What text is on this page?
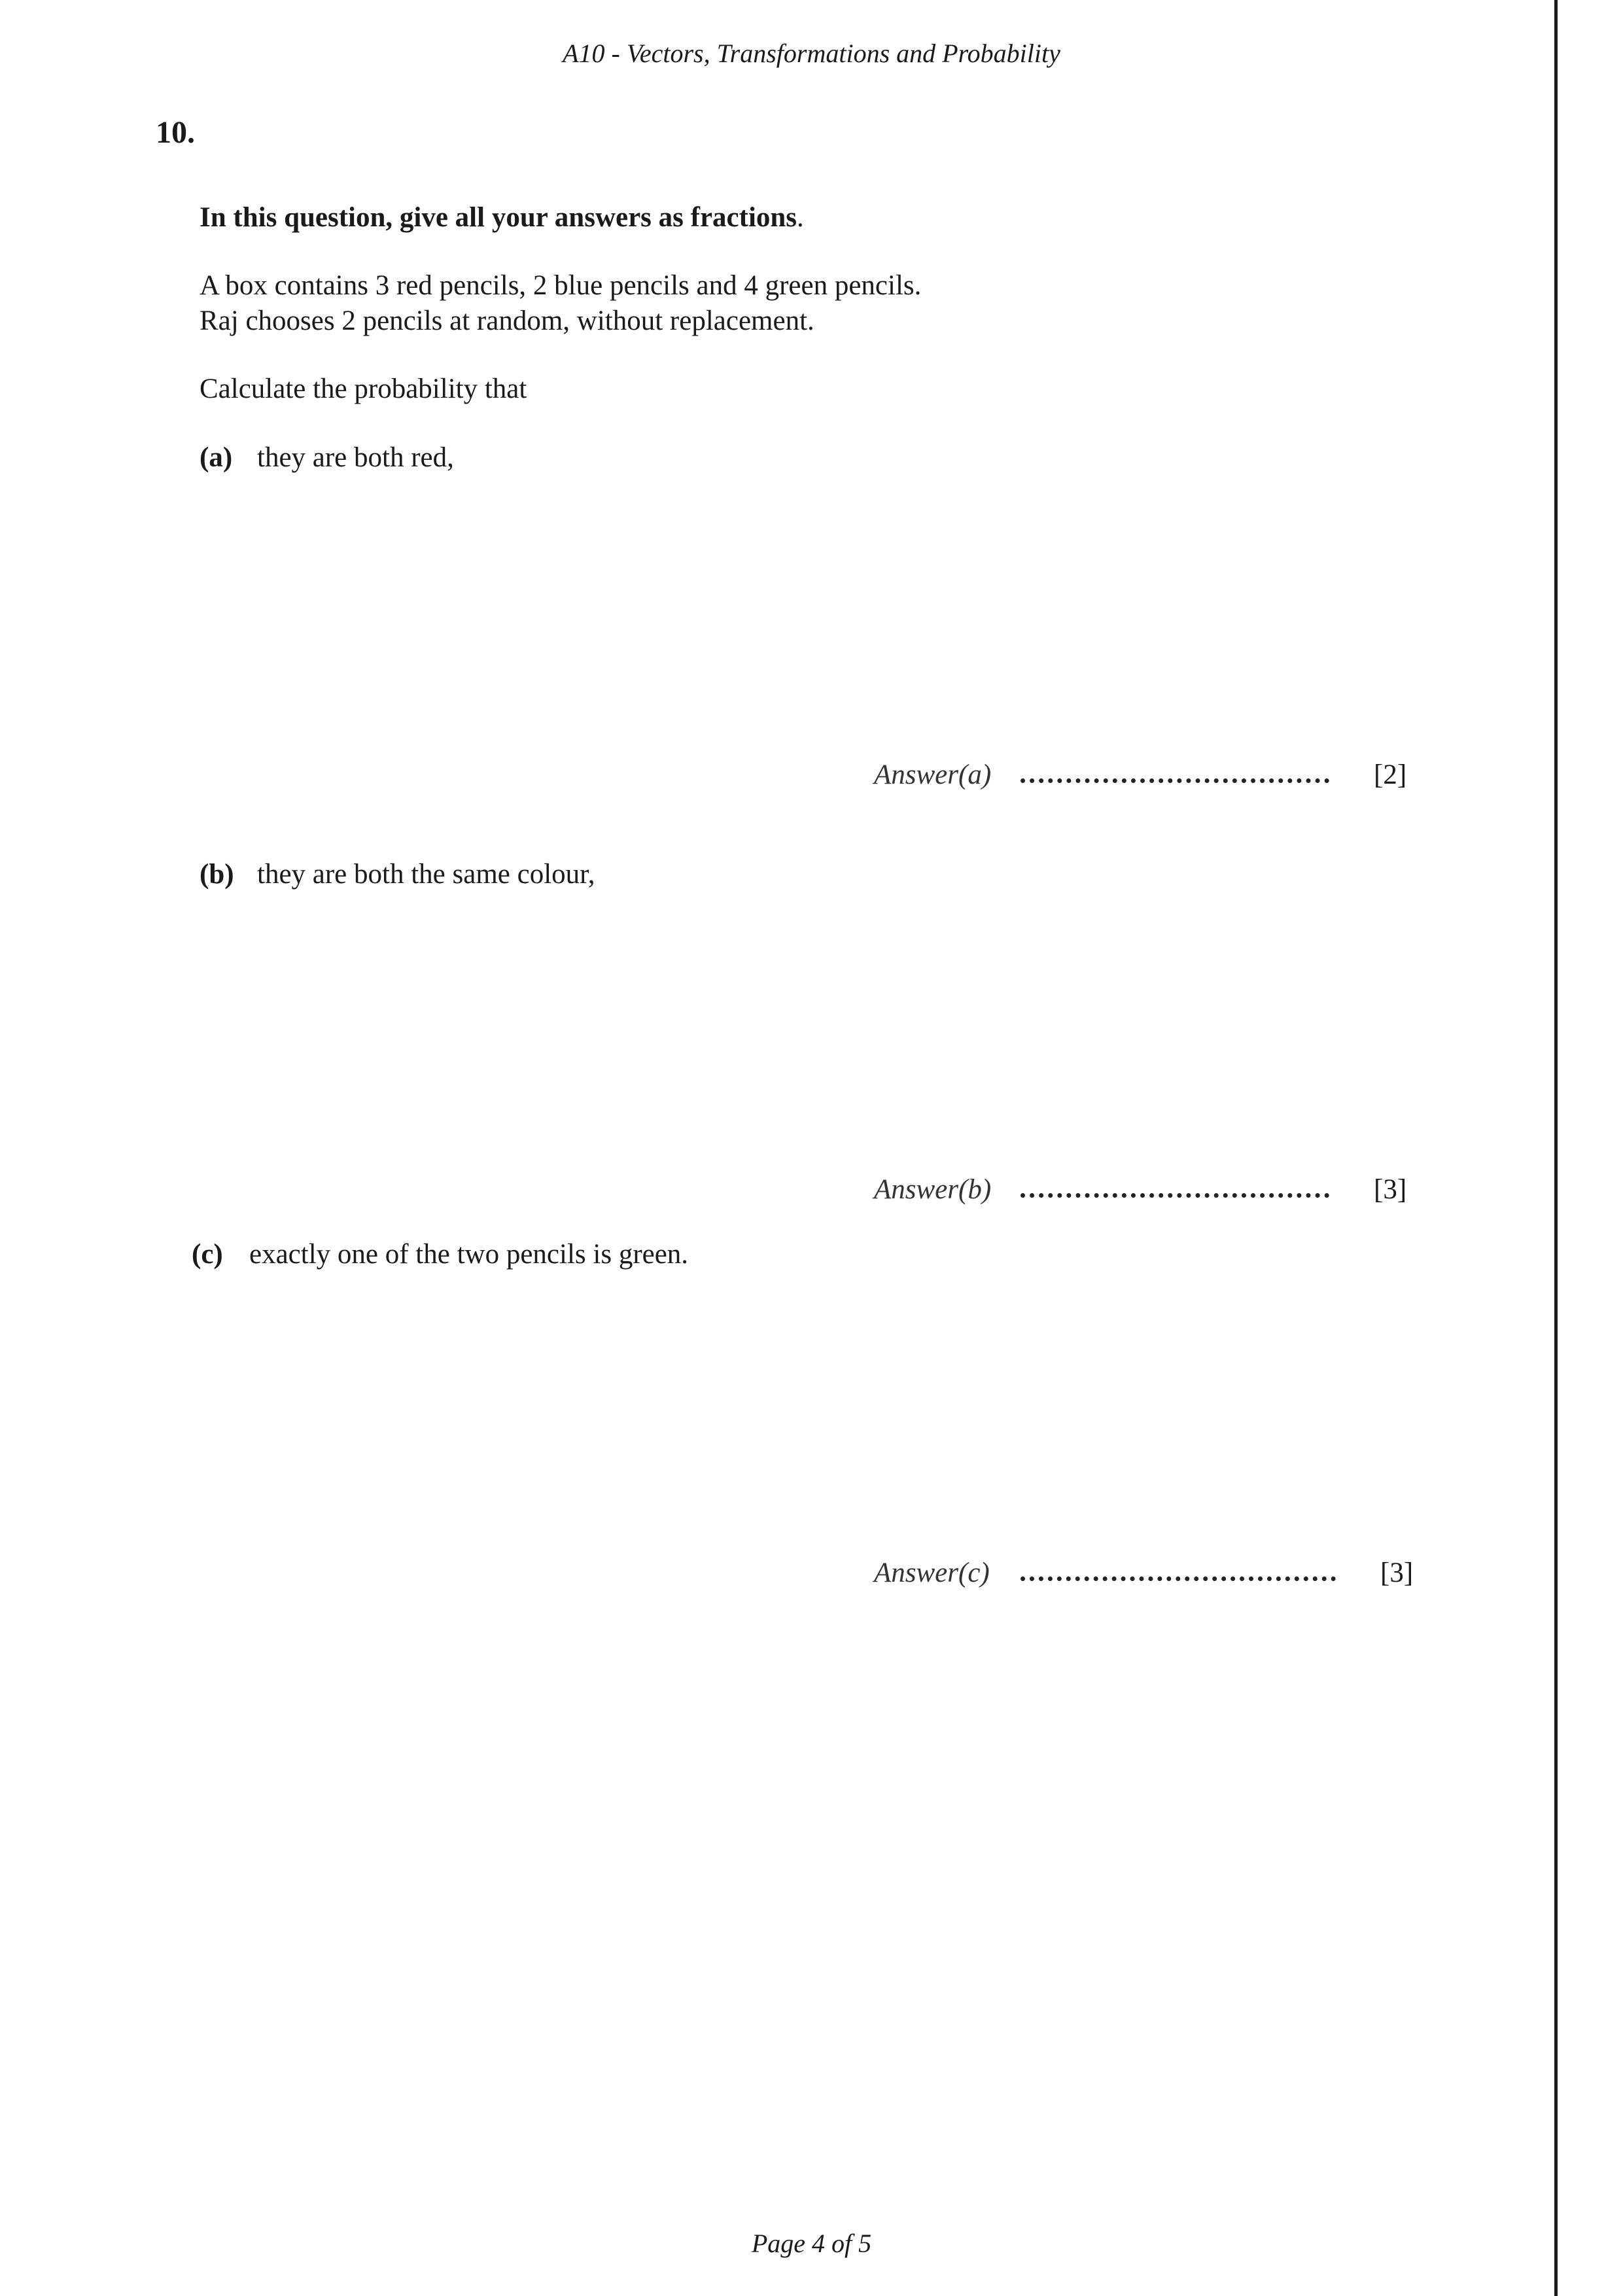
A10 - Vectors, Transformations and Probability
10.
In this question, give all your answers as fractions.
A box contains 3 red pencils, 2 blue pencils and 4 green pencils.
Raj chooses 2 pencils at random, without replacement.
Calculate the probability that
(a) they are both red,
Answer(a)	[2]
(b) they are both the same colour,
Answer(b)	[3]
(c) exactly one of the two pencils is green.
Answer(c)	[3]
Page 4 of 5
